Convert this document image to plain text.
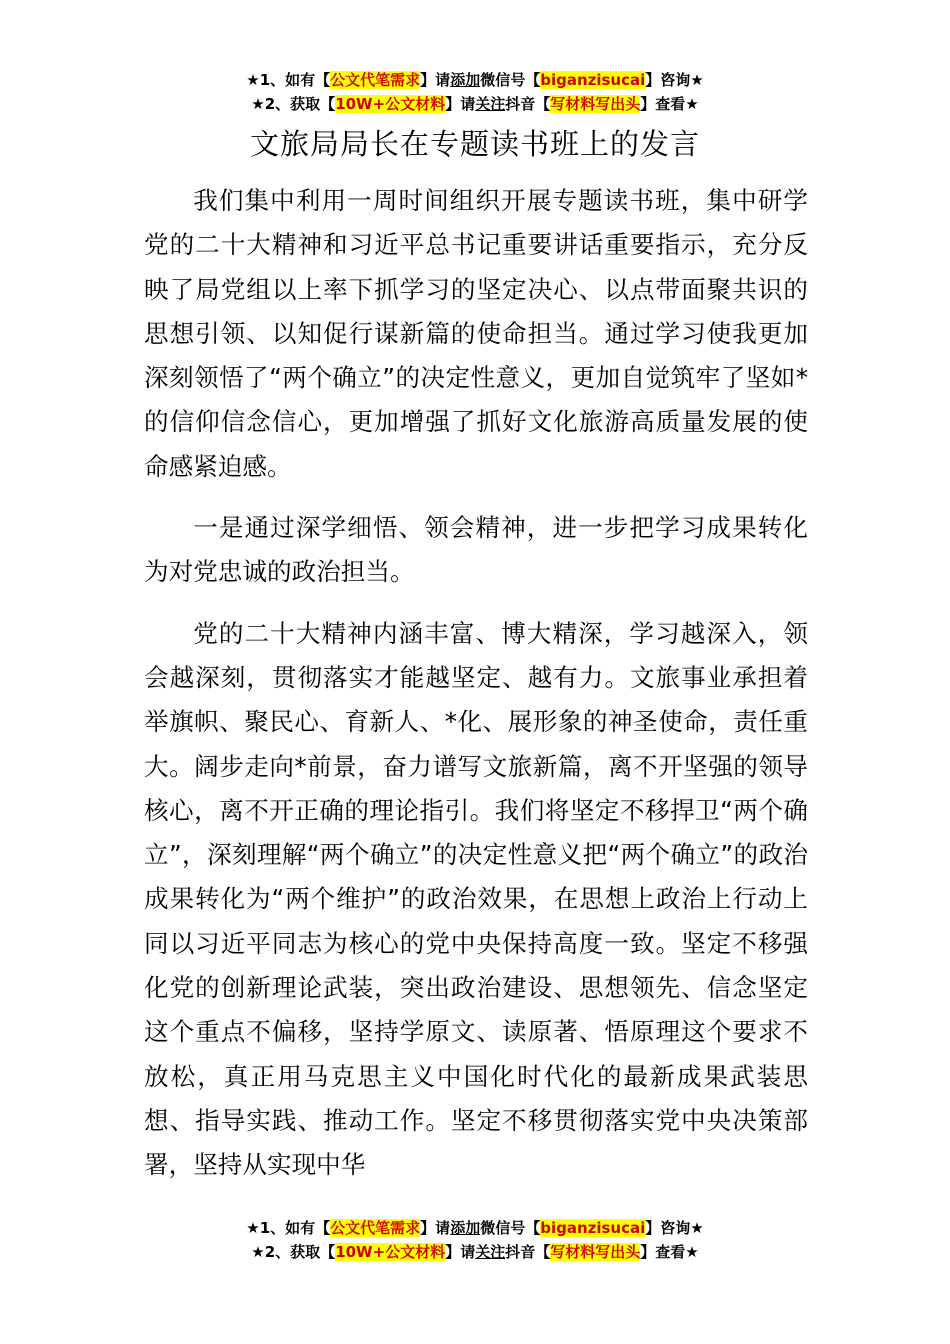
★1、如有【公文代笔需求】请添加微信号【biganzisucai】咨询★
★2、获取【10W+公文材料】请关注抖音【写材料写出头】查看★
文旅局局长在专题读书班上的发言

我们集中利用一周时间组织开展专题读书班，集中研学党的二十大精神和习近平总书记重要讲话重要指示，充分反映了局党组以上率下抓学习的坚定决心、以点带面聚共识的思想引领、以知促行谋新篇的使命担当。通过学习使我更加深刻领悟了“两个确立”的决定性意义，更加自觉筑牢了坚如*的信仰信念信心，更加增强了抓好文化旅游高质量发展的使命感紧迫感。

一是通过深学细悟、领会精神，进一步把学习成果转化为对党忠诚的政治担当。

党的二十大精神内涵丰富、博大精深，学习越深入，领会越深刻，贯彻落实才能越坚定、越有力。文旅事业承担着举旗帜、聚民心、育新人、*化、展形象的神圣使命，责任重大。阔步走向*前景，奋力谱写文旅新篇，离不开坚强的领导核心，离不开正确的理论指引。我们将坚定不移捍卫“两个确立”，深刻理解“两个确立”的决定性意义把“两个确立”的政治成果转化为“两个维护”的政治效果，在思想上政治上行动上同以习近平同志为核心的党中央保持高度一致。坚定不移强化党的创新理论武装，突出政治建设、思想领先、信念坚定这个重点不偏移，坚持学原文、读原著、悟原理这个要求不放松，真正用马克思主义中国化时代化的最新成果武装思想、指导实践、推动工作。坚定不移贯彻落实党中央决策部署，坚持从实现中华

★1、如有【公文代笔需求】请添加微信号【biganzisucai】咨询★
★2、获取【10W+公文材料】请关注抖音【写材料写出头】查看★
